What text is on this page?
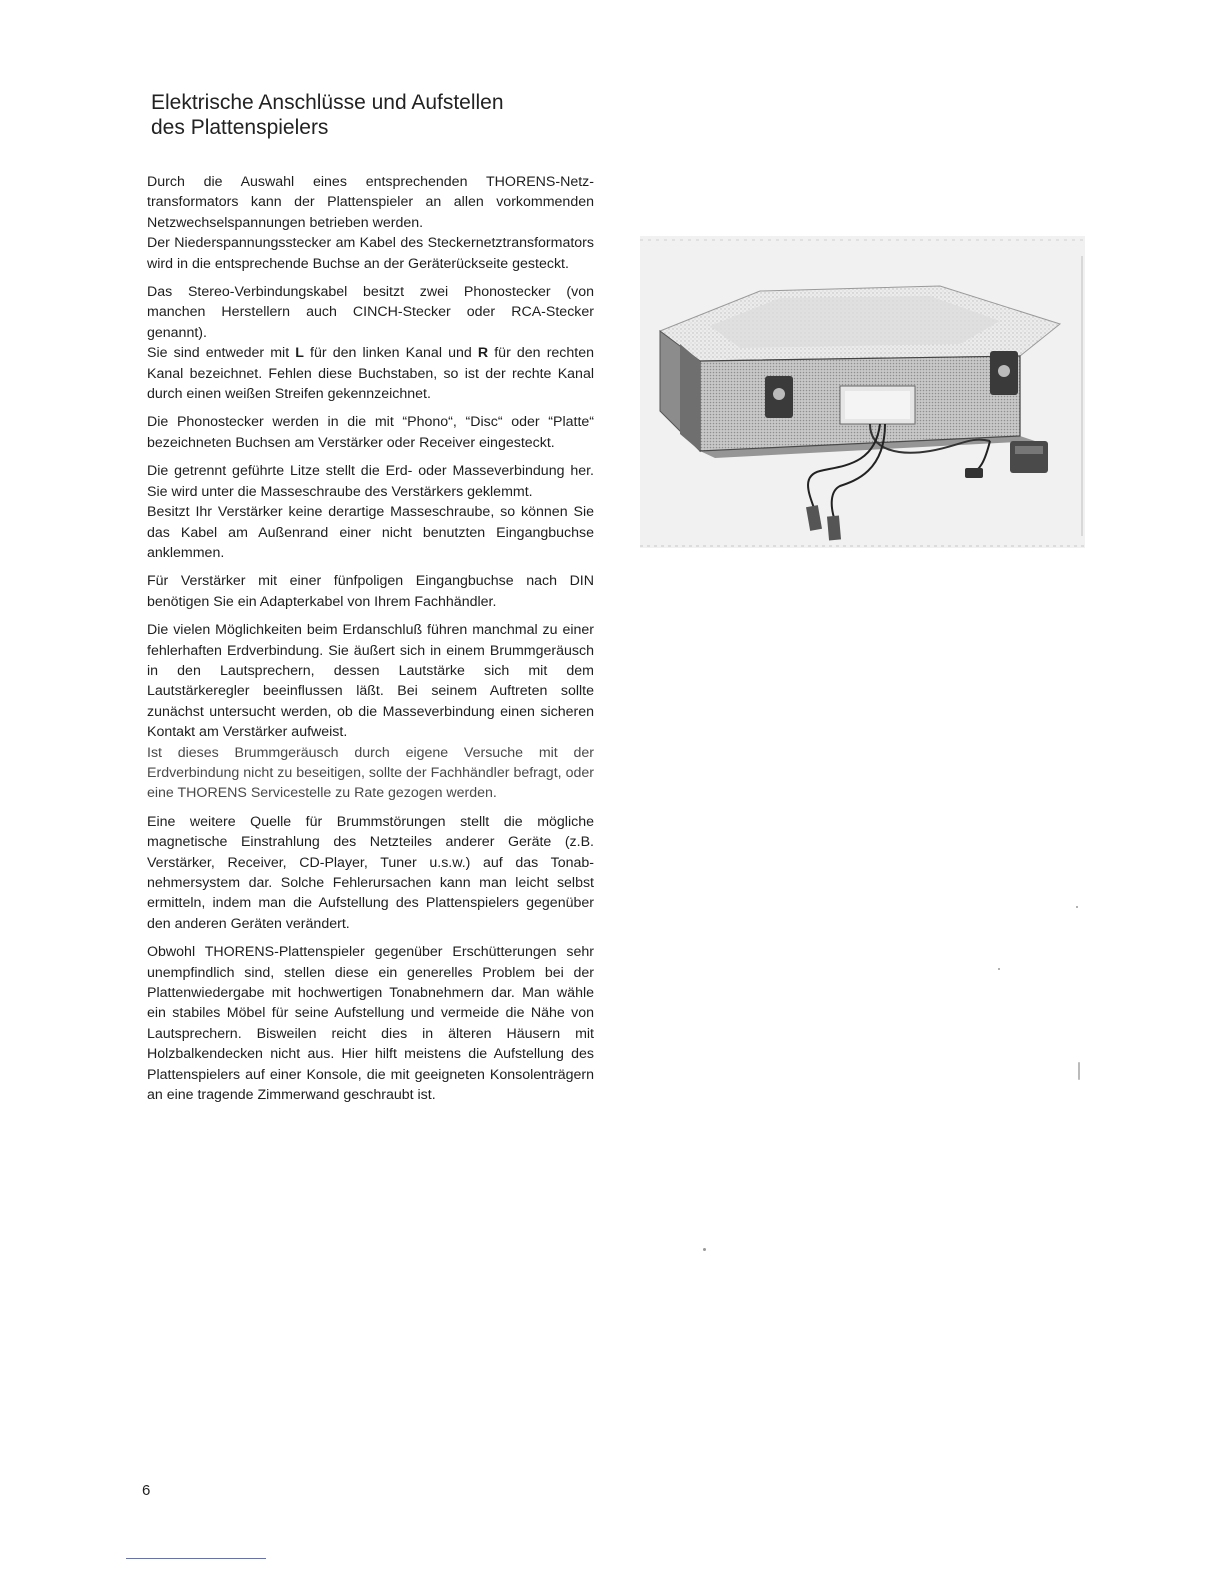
Elektrische Anschlüsse und Aufstellen
des Plattenspielers

Durch die Auswahl eines entsprechenden THORENS-Netztransformators kann der Plattenspieler an allen vorkommenden Netzwechselspannungen betrieben werden.

Der Niederspannungsstecker am Kabel des Steckernetztransformators wird in die entsprechende Buchse an der Geräterückseite gesteckt.

Das Stereo-Verbindungskabel besitzt zwei Phonostecker (von manchen Herstellern auch CINCH-Stecker oder RCA-Stecker genannt).

Sie sind entweder mit L für den linken Kanal und R für den rechten Kanal bezeichnet. Fehlen diese Buchstaben, so ist der rechte Kanal durch einen weißen Streifen gekennzeichnet.

Die Phonostecker werden in die mit “Phono“, “Disc“ oder “Platte“ bezeichneten Buchsen am Verstärker oder Receiver eingesteckt.

Die getrennt geführte Litze stellt die Erd- oder Masseverbindung her. Sie wird unter die Masseschraube des Verstärkers geklemmt.

Besitzt Ihr Verstärker keine derartige Masseschraube, so können Sie das Kabel am Außenrand einer nicht benutzten Eingangbuchse anklemmen.

Für Verstärker mit einer fünfpoligen Eingangbuchse nach DIN benötigen Sie ein Adapterkabel von Ihrem Fachhändler.

Die vielen Möglichkeiten beim Erdanschluß führen manchmal zu einer fehlerhaften Erdverbindung. Sie äußert sich in einem Brummgeräusch in den Lautsprechern, dessen Lautstärke sich mit dem Lautstärkeregler beeinflussen läßt. Bei seinem Auftreten sollte zunächst untersucht werden, ob die Masseverbindung einen sicheren Kontakt am Verstärker aufweist.

Ist dieses Brummgeräusch durch eigene Versuche mit der Erdverbindung nicht zu beseitigen, sollte der Fachhändler befragt, oder eine THORENS Servicestelle zu Rate gezogen werden.

Eine weitere Quelle für Brummstörungen stellt die mögliche magnetische Einstrahlung des Netzteiles anderer Geräte (z.B. Verstärker, Receiver, CD-Player, Tuner u.s.w.) auf das Tonabnehmersystem dar. Solche Fehlerursachen kann man leicht selbst ermitteln, indem man die Aufstellung des Plattenspielers gegenüber den anderen Geräten verändert.

Obwohl THORENS-Plattenspieler gegenüber Erschütterungen sehr unempfindlich sind, stellen diese ein generelles Problem bei der Plattenwiedergabe mit hochwertigen Tonabnehmern dar. Man wähle ein stabiles Möbel für seine Aufstellung und vermeide die Nähe von Lautsprechern. Bisweilen reicht dies in älteren Häusern mit Holzbalkendecken nicht aus. Hier hilft meistens die Aufstellung des Plattenspielers auf einer Konsole, die mit geeigneten Konsolenträgern an eine tragende Zimmerwand geschraubt ist.

6
